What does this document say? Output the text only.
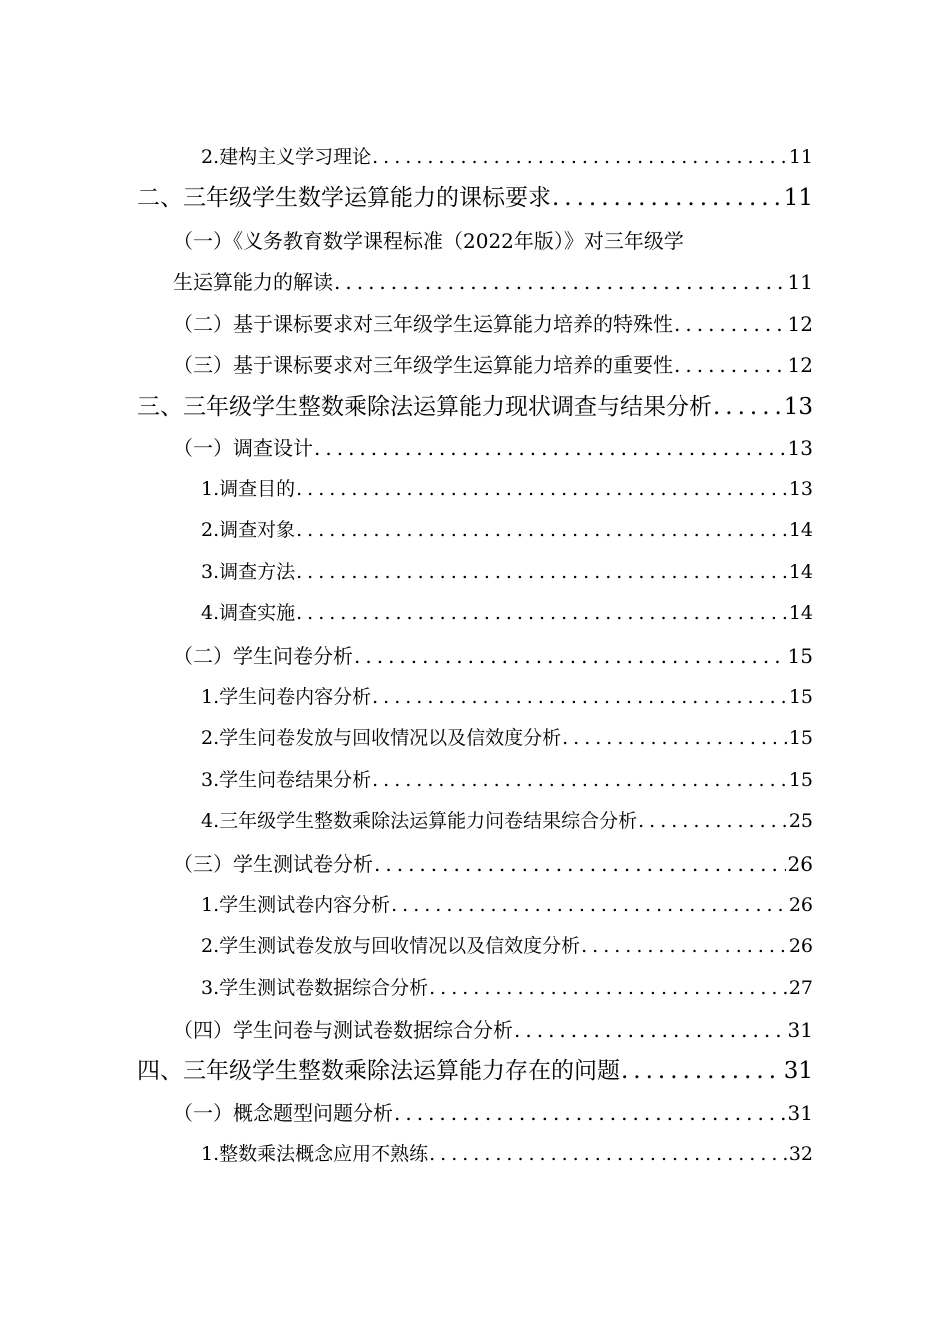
2.建构主义学习理论 .....	11
二、三年级学生数学运算能力的课标要求 .....	11
（一）《义务教育数学课程标准（2022年版）》对三年级学
生运算能力的解读 .....	11
（二）基于课标要求对三年级学生运算能力培养的特殊性 .....	12
（三）基于课标要求对三年级学生运算能力培养的重要性 .....	12
三、三年级学生整数乘除法运算能力现状调查与结果分析 .....	13
（一）调查设计 .....	13
1.调查目的 .....	13
2.调查对象 .....	14
3.调查方法 .....	14
4.调查实施 .....	14
（二）学生问卷分析 .....	15
1.学生问卷内容分析 .....	15
2.学生问卷发放与回收情况以及信效度分析 .....	15
3.学生问卷结果分析 .....	15
4.三年级学生整数乘除法运算能力问卷结果综合分析 .....	25
（三）学生测试卷分析 .....	26
1.学生测试卷内容分析 .....	26
2.学生测试卷发放与回收情况以及信效度分析 .....	26
3.学生测试卷数据综合分析 .....	27
（四）学生问卷与测试卷数据综合分析 .....	31
四、三年级学生整数乘除法运算能力存在的问题 .....	31
（一）概念题型问题分析 .....	31
1.整数乘法概念应用不熟练 .....	32
